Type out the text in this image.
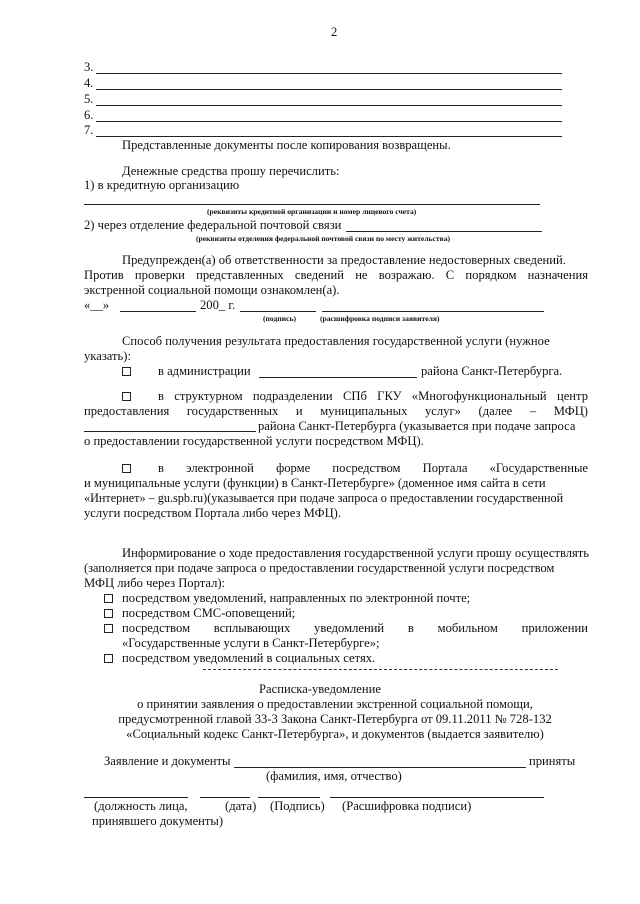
2
3.
4.
5.
6.
7.
Представленные документы после копирования возвращены.
Денежные средства прошу перечислить:
1) в кредитную организацию
(реквизиты кредитной организации и номер лицевого счета)
2) через отделение федеральной почтовой связи
(реквизиты отделения федеральной почтовой связи по месту жительства)
Предупрежден(а) об ответственности за предоставление недостоверных сведений.
Против проверки представленных сведений не возражаю. С порядком назначения
экстренной социальной помощи ознакомлен(а).
«__»	200_ г.
(подпись)	(расшифровка подписи заявителя)
Способ получения результата предоставления государственной услуги (нужное
указать):
в администрации	района Санкт-Петербурга.
в структурном подразделении СПб ГКУ «Многофункциональный центр
предоставления государственных и муниципальных услуг» (далее – МФЦ)
района Санкт-Петербурга (указывается при подаче запроса
о предоставлении государственной услуги посредством МФЦ).
в электронной форме посредством Портала «Государственные
и муниципальные услуги (функции) в Санкт-Петербурге» (доменное имя сайта в сети
«Интернет» – gu.spb.ru)(указывается при подаче запроса о предоставлении государственной
услуги посредством Портала либо через МФЦ).
Информирование о ходе предоставления государственной услуги прошу осуществлять
(заполняется при подаче запроса о предоставлении государственной услуги посредством
МФЦ либо через Портал):
посредством уведомлений, направленных по электронной почте;
посредством СМС-оповещений;
посредством всплывающих уведомлений в мобильном приложении
«Государственные услуги в Санкт-Петербурге»;
посредством уведомлений в социальных сетях.
Расписка-уведомление
о принятии заявления о предоставлении экстренной социальной помощи,
предусмотренной главой 33-3 Закона Санкт-Петербурга от 09.11.2011 № 728-132
«Социальный кодекс Санкт-Петербурга», и документов (выдается заявителю)
Заявление и документы	приняты
(фамилия, имя, отчество)
(должность лица,	(дата) (Подпись) (Расшифровка подписи)
принявшего документы)
